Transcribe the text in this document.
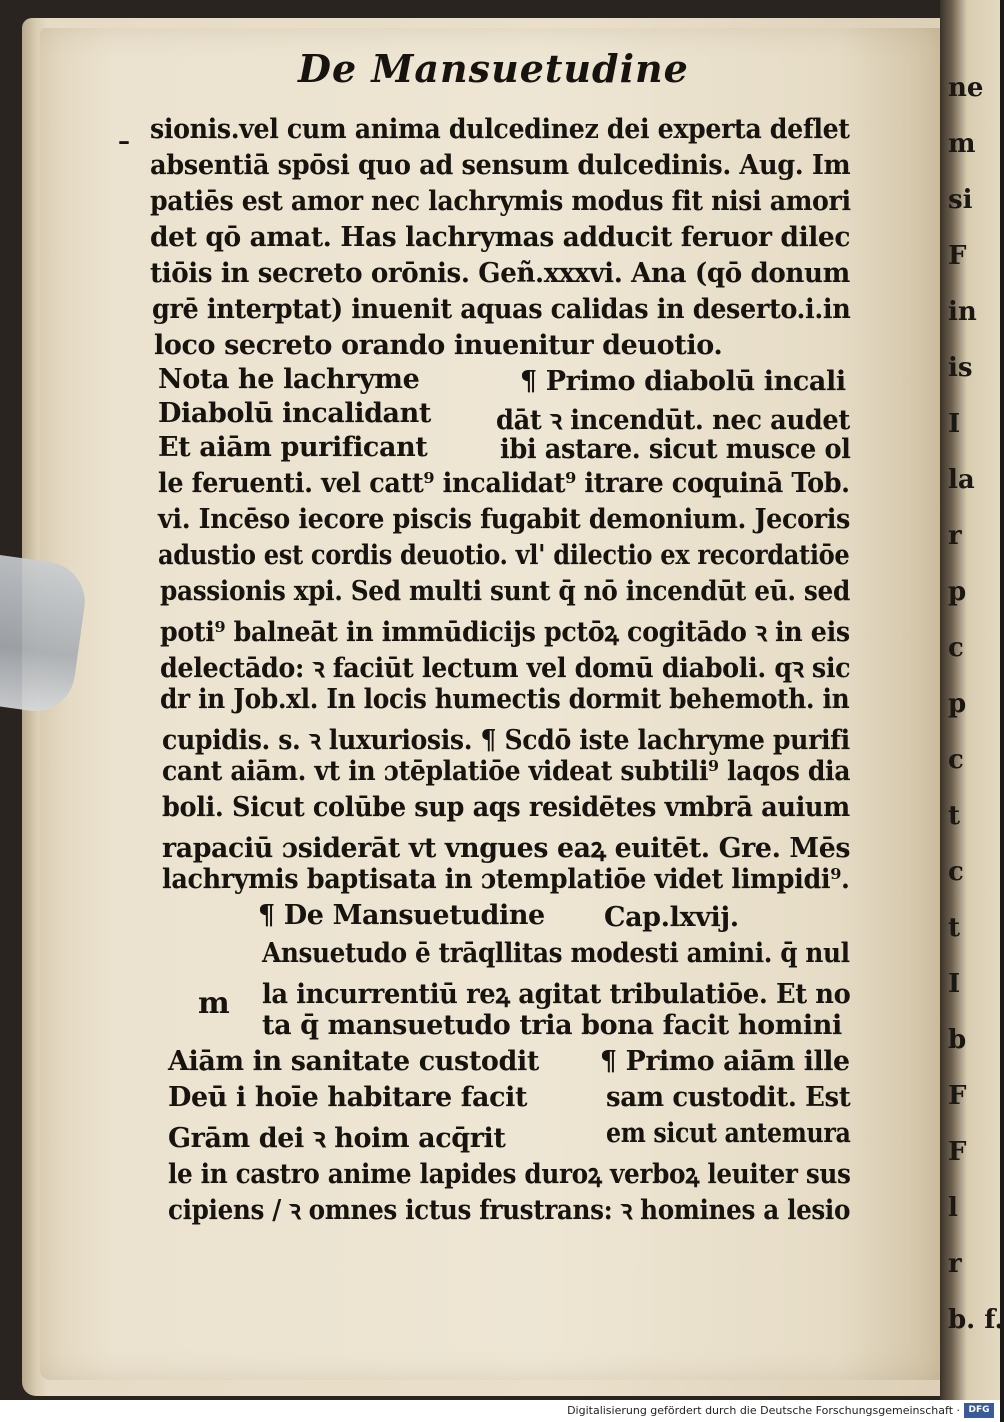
ne
m
si
F
in
is
I
la
r
p
c
p
c
t
c
t
I
b
F
F
l
r
b. f.
De Mansuetudine
– sionis.vel cum anima dulcedinez dei experta deflet
absentiā spōsi quo ad sensum dulcedinis. Aug. Im
patiēs est amor nec lachrymis modus fit nisi amori
det qō amat. Has lachrymas adducit feruor dilec
tiōis in secreto orōnis. Geñ.xxxvi. Ana (qō donum
grē interptat) inuenit aquas calidas in deserto.i.in
loco secreto orando inuenitur deuotio.
Nota he lachryme	¶ Primo diabolū incali
Diabolū incalidant dāt ꝛ incendūt. nec audet
Et aiām purificant	ibi astare. sicut musce ol
le feruenti. vel catt⁹ incalidat⁹ itrare coquinā Tob.
vi. Incēso iecore piscis fugabit demonium. Jecoris
adustio est cordis deuotio. vl' dilectio ex recordatiōe
passionis xpi. Sed multi sunt q̄ nō incendūt eū. sed
poti⁹ balneāt in immūdicijs pctōꝝ cogitādo ꝛ in eis
delectādo: ꝛ faciūt lectum vel domū diaboli. qꝛ sic
dr in Job.xl. In locis humectis dormit behemoth. in
cupidis. s. ꝛ luxuriosis. ¶ Scdō iste lachryme purifi
cant aiām. vt in ɔtēplatiōe videat subtili⁹ laqos dia
boli. Sicut colūbe sup aqs residētes vmbrā auium
rapaciū ɔsiderāt vt vngues eaꝝ euitēt. Gre. Mēs
lachrymis baptisata in ɔtemplatiōe videt limpidi⁹.
¶ De Mansuetudine Cap.lxvij.
m
Ansuetudo ē trāqllitas modesti amini. q̄ nul
la incurrentiū reꝝ agitat tribulatiōe. Et no
ta q̄ mansuetudo tria bona facit homini
Aiām in sanitate custodit ¶ Primo aiām ille
Deū i hoīe habitare facit	sam custodit. Est
Grām dei ꝛ hoim acq̄rit	em sicut antemura
le in castro anime lapides duroꝝ verboꝝ leuiter sus
cipiens / ꝛ omnes ictus frustrans: ꝛ homines a lesio
Digitalisierung gefördert durch die Deutsche Forschungsgemeinschaft · DFG
